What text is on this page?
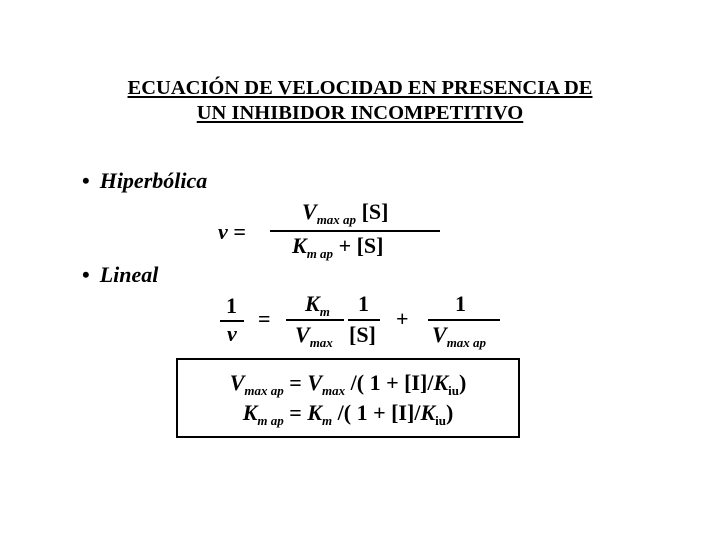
ECUACIÓN DE VELOCIDAD EN PRESENCIA DE
UN INHIBIDOR INCOMPETITIVO
• Hiperbólica
v =
$V_{max ap}$ [S]
$K_{m ap} + [S]$
• Lineal
1
v
=
$K_m$
$V_{max}$
1
[S]
+
1
$V_{max ap}$
$V_{max ap} = V_{max}$ /( $1 + [I]/K_{iu}$)
$K_{m ap} = K_m$ /( $1 + [I]/K_{iu}$)
